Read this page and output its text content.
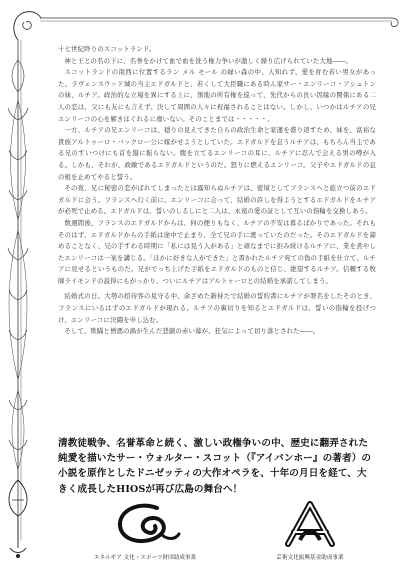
十七世紀終りのスコットランド。

神と王との名の下に、名誉をかけて血で血を洗う権力争いが激しく繰り広げられていた大地――。

スコットランドの南西に位置するラン メル モール の緑い森の中、人知れず、愛を育む若い男女があった。ラヴェンスウッド城の当主エドガルドと、若くして大臣職にある時ん家サー・エンリーコ・アシュトンの妹、ルチア。政治的な立場を異にする上に、領地の所有権を巡って、先代からの長い因縁の関係にある二人の恋は、父にも友にも言えず、決して周囲の人々に祝福されることはない。しかし、いつかはルチアの兄エンリーコの心を解きほぐれるに違いない。そのことまでは・・・・・。

一方、ルチアの兄エンリーコは、穏りの見えてきた自らの政治生命と家運を盛り返すため、妹を、富裕な貴族アルトゥーロ・バックロー公に嫁がせようとしていた。エドガルドを息うルチアは、もちろん当主である兄のすいつけにも首を縦に振らない。腹を立てるエンリーコの耳に、ルチアに忍んで会える男の噂が入る。しかも、それが、政敵であるエドガルドというのだ。怒りに燃えるエンリーコ。父子やエドガルドの息の根を止めてやると誓う。

その夜、兄に秘密の恋がばれてしまったとは露知らぬルチアは、密境としてフランスへと旅立つ前のエドガルドに会う。フランスへ行く前に、エンリーコに会って、結婚の許しを得ようとするエドガルドをルチアが必死で止める。エドガルドは、誓いのしるしにと二人は、永遠の愛の証として互いの指輪を交換しあう。

数週間後、フランスのエドガルドからは、何の便りもなく、ルチアの不安は募るばかりであった。それもそのはず、エドガルドからの手紙は途中で止まり、全て兄の手に渡っていたのだった。そのエドガルドを諦めることなく、兄の手すわる時期に「私には見う人がある」と頑なまでに拒み続けるルチアに、業を煮やしたエンリーコは一案を講じる。「ほかに好きな人ができた」と書かれたルチア宛ての偽の手紙を仕立て、ルチアに見せるというものだ。兄がでっち上げた手紙をエドガルドのものと信じ、絶望するルチア。信頼する牧師ライモンドの説得にもがっかり、ついにルチアはアルトゥーロとの結婚を承諾してしまう。

結婚式の日。大勢の招待客の見守る中、余ざめた新持たで結婚の誓約書にルチアが署名をしたそのとき、フランスにいるはずのエドガルドが現れる。ルチアの裏切りを知るとエドガルドは、誓いの指輪を投げつけ、エンリーコに決闘を申し込む。

そして、欺瞞と憎悪の渦が生んだ悲劇の赤い幕が、狂気によって切り落とされた――。

清教徒戦争、名誉革命と続く、激しい政権争いの中、歴史に翻弄された純愛を描いたサー・ウォルター・スコット（『アイバンホー』の著者）の小説を原作としたドニゼッティの大作オペラを、十年の月日を経て、大きく成長したHIOSが再び広島の舞台へ！

エネルギア 文化・スポーツ財団助成事業	芸術文化振興基金助成事業
